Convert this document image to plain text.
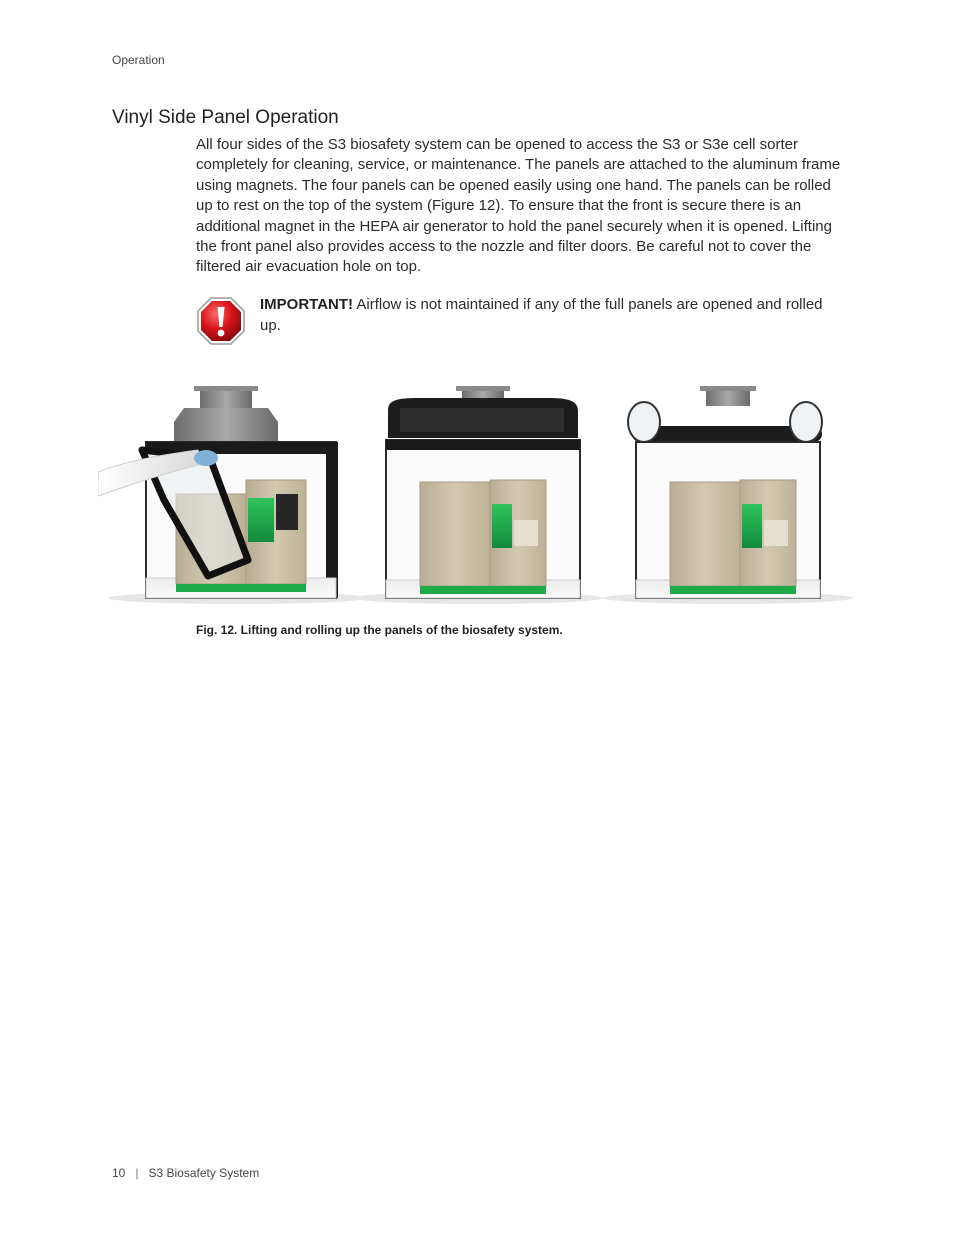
Operation
Vinyl Side Panel Operation

All four sides of the S3 biosafety system can be opened to access the S3 or S3e cell sorter completely for cleaning, service, or maintenance. The panels are attached to the aluminum frame using magnets. The four panels can be opened easily using one hand. The panels can be rolled up to rest on the top of the system (Figure 12). To ensure that the front is secure there is an additional magnet in the HEPA air generator to hold the panel securely when it is opened. Lifting the front panel also provides access to the nozzle and filter doors. Be careful not to cover the filtered air evacuation hole on top.

IMPORTANT! Airflow is not maintained if any of the full panels are opened and rolled up.

Fig. 12. Lifting and rolling up the panels of the biosafety system.
10 | S3 Biosafety System
